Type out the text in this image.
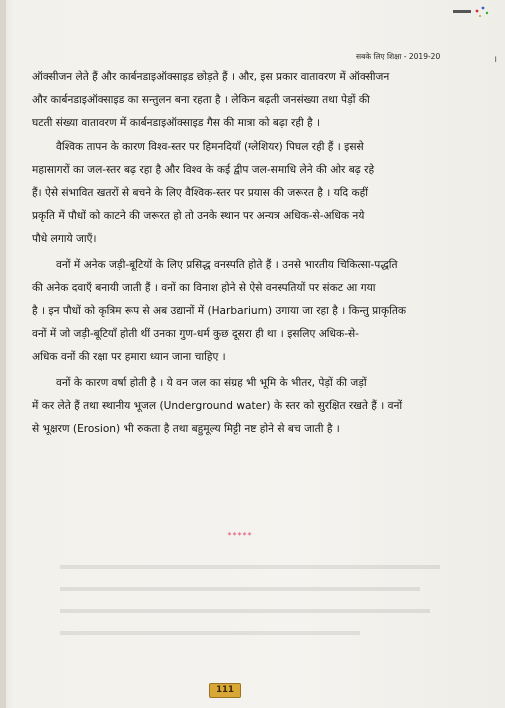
सबके लिए शिक्षा - 2019-20	।

ऑक्सीजन लेते हैं और कार्बनडाइऑक्साइड छोड़ते हैं । और, इस प्रकार वातावरण में ऑक्सीजन

और कार्बनडाइऑक्साइड का सन्तुलन बना रहता है । लेकिन बढ़ती जनसंख्या तथा पेड़ों की

घटती संख्या वातावरण में कार्बनडाइऑक्साइड गैस की मात्रा को बढ़ा रही है ।

वैश्विक तापन के कारण विश्व-स्तर पर हिमनदियाँ (ग्लेशियर) पिघल रही हैं । इससे

महासागरों का जल-स्तर बढ़ रहा है और विश्व के कई द्वीप जल-समाधि लेने की ओर बढ़ रहे

हैं। ऐसे संभावित खतरों से बचने के लिए वैश्विक-स्तर पर प्रयास की जरूरत है । यदि कहीं

प्रकृति में पौधों को काटने की जरूरत हो तो उनके स्थान पर अन्यत्र अधिक-से-अधिक नये

पौधे लगाये जाएँ।

वनों में अनेक जड़ी-बूटियों के लिए प्रसिद्ध वनस्पति होते हैं । उनसे भारतीय चिकित्सा-पद्धति

की अनेक दवाएँ बनायी जाती हैं । वनों का विनाश होने से ऐसे वनस्पतियों पर संकट आ गया

है । इन पौधों को कृत्रिम रूप से अब उद्यानों में (Harbarium) उगाया जा रहा है । किन्तु प्राकृतिक

वनों में जो जड़ी-बूटियाँ होती थीं उनका गुण-धर्म कुछ दूसरा ही था । इसलिए अधिक-से-

अधिक वनों की रक्षा पर हमारा ध्यान जाना चाहिए ।

वनों के कारण वर्षा होती है । ये वन जल का संग्रह भी भूमि के भीतर, पेड़ों की जड़ों

में कर लेते हैं तथा स्थानीय भूजल (Underground water) के स्तर को सुरक्षित रखते हैं । वनों

से भूक्षरण (Erosion) भी रुकता है तथा बहुमूल्य मिट्टी नष्ट होने से बच जाती है ।

*****
111
